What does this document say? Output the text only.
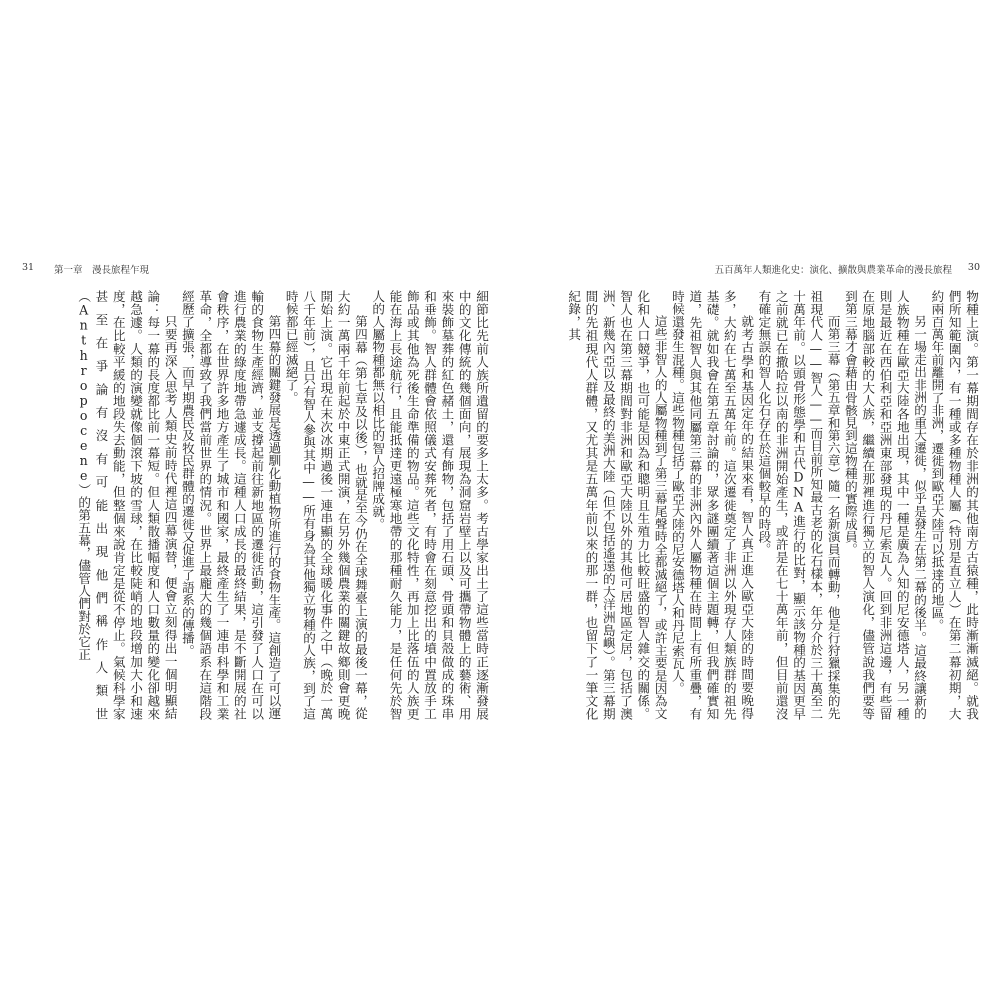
31 第一章　漫長旅程乍現

細節比先前人族所遺留的要多上太多。考古學家出土了這些當時正逐漸發展中的文化傳統的幾個面向，展現為洞窟岩壁上以及可攜帶物體上的藝術、用來裝飾墓葬的紅色赭土，還有飾物，包括了用石頭、骨頭和貝殼做成的珠串和垂飾。智人群體會依照儀式安葬死者，有時會在刻意挖出的墳中置放手工飾品或其他為死後生命準備的物品。這些文化特性，再加上比落伍的人族更能在海上長途航行，且能抵達更遠極寒地帶的那種耐久能力，是任何先於智人的人屬物種都無以相比的智人招牌成就。

第四幕（第七章及以後），也就是至今仍在全球舞臺上演的最後一幕，從大約一萬兩千年前起於中東正式開演，在另外幾個農業的關鍵故鄉則會更晚開始上演。它出現在末次冰期過後一連串顯的全球暖化事件之中（晚於一萬八千年前），且只有智人參與其中——所有身為其他獨立物種的人族，到了這時候都已經滅絕了。

第四幕的關鍵發展是透過馴化動植物所進行的食物生產。這創造了可以運輸的食物生產經濟，並支撐起前往新地區的遷徙活動，這引發了人口在可以進行農業的綠度地帶急遽成長。這種人口成長的最終結果，是不斷開展的社會秩序，在世界許多地方產生了城市和國家，最終產生了一連串科學和工業革命，全都導致了我們當前世界的情況。世界上最龐大的幾個語系在這階段經歷了擴張，而早期農民及牧民群體的遷徙又促進了語系的傳播。

只要再深入思考人類史前時代裡這四幕演替，便會立刻得出一個明顯結論：每一幕的長度都比前一幕短。但人類散播幅度和人口數量的變化卻越來越急遽。人類的演變就像個滾下坡的雪球，在比較陡峭的地段增加大小和速度，在比較平緩的地段失去動能，但整個來說肯定是從不停止。氣候科學家甚至在爭論有沒有可能出現他們稱作人類世（Anthropocene）的第五幕，儘管人們對於它正

五百萬年人類進化史：演化、擴散與農業革命的漫長旅程 30

物種上演。第一幕期間存在於非洲的其他南方古猿種，此時漸漸滅絕。就我們所知範圍內，有一種或多種物種人屬（特別是直立人）在第二幕初期，大約兩百萬年前離開了非洲，遷徙到歐亞大陸可以抵達的地區。

另一場走出非洲的重大遷徙，似乎是發生在第二幕的後半。這最終讓新的人族物種在歐亞大陸各地出現，其中一種是廣為人知的尼安德塔人，另一種則是最近在西伯利亞和亞洲東部發現的丹尼索瓦人。回到非洲這邊，有些留在原地腦部較的大人族，繼續在那裡進行獨立的智人演化，儘管說我們要等到第三幕才會藉由骨骸見到這物種的實際成員。

而第三幕（第五章和第六章）隨一名新演員而轉動，他是行狩獵採集的先祖現代人——智人——而目前所知最古老的化石樣本，年分介於三十萬至二十萬年前。以頭骨形態學和古代DNA進行的比對，顯示該物種的基因更早之前就已在撒哈拉以南的非洲開始產生，或許是在七十萬年前，但目前還沒有確定無誤的智人化石存在於這個較早的時段。

就考古學和基因定年的結果來看，智人真正進入歐亞大陸的時間要晚得多，大約在七萬至五萬年前。這次遷徙奠定了非洲以外現存人類族群的祖先基礎。就如我會在第五章討論的，眾多謎團續著這個主題轉，但我們確實知道，先祖智人與其他同屬第三幕的非洲內外人屬物種在時間上有所重疊，有時候還發生混種。這些物種包括了歐亞大陸的尼安德塔人和丹尼索瓦人。

這些非智人的人屬物種到了第三幕尾聲時全都滅絕了，或許主要是因為文化和人口競爭，也可能是因為和聰明且生殖力比較旺盛的智人雜交的關係。智人也在第三幕期間對非洲和歐亞大陸以外的其他可居地區定居，包括了澳洲、新幾內亞以及最終的美洲大陸（但不包括遙遠的大洋洲島嶼）。第三幕期間的先祖現代人群體，又尤其是五萬年前以來的那一群，也留下了一筆文化紀錄，其
